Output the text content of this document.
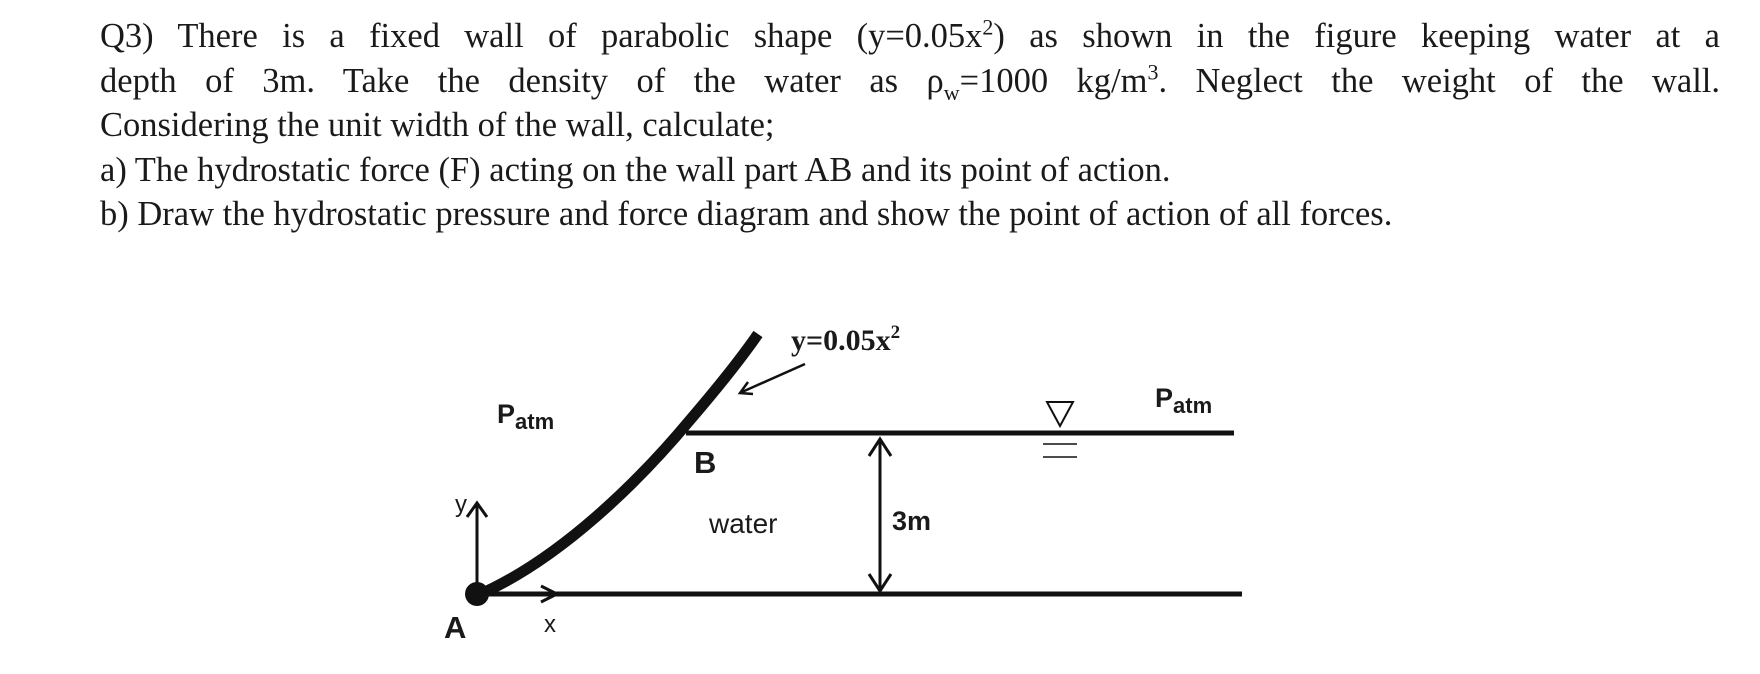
Q3) There is a fixed wall of parabolic shape $(y=0.05x^2)$ as shown in the figure keeping water at a

depth of 3m. Take the density of the water as $\rho_w=1000$ $kg/m^3$. Neglect the weight of the wall.

Considering the unit width of the wall, calculate;

a) The hydrostatic force (F) acting on the wall part AB and its point of action.

b) Draw the hydrostatic pressure and force diagram and show the point of action of all forces.

$y=0.05x^2$
$P_{atm}$
$P_{atm}$
B
A
water	3m
x
y
